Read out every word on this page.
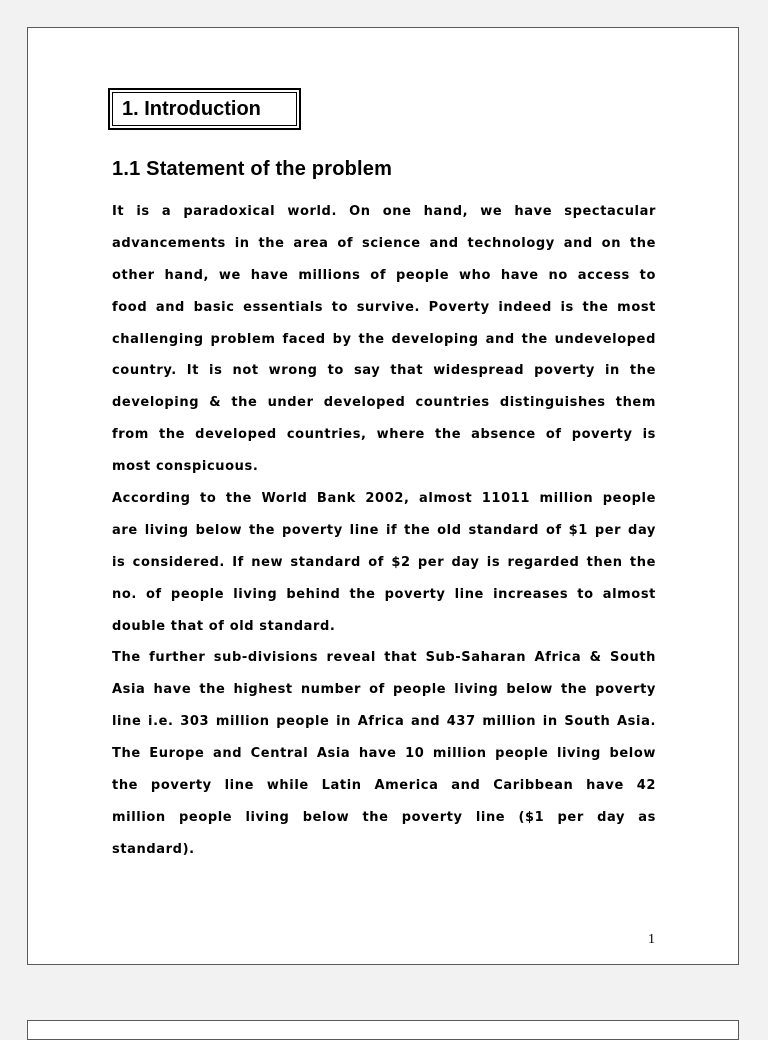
1. Introduction
1.1 Statement of the problem
It is a paradoxical world. On one hand, we have spectacular
advancements in the area of science and technology and on the
other hand, we have millions of people who have no access to
food and basic essentials to survive. Poverty indeed is the most
challenging problem faced by the developing and the undeveloped
country. It is not wrong to say that widespread poverty in the
developing & the under developed countries distinguishes them
from the developed countries, where the absence of poverty is
most conspicuous.
According to the World Bank 2002, almost 11011 million people
are living below the poverty line if the old standard of $1 per day
is considered. If new standard of $2 per day is regarded then the
no. of people living behind the poverty line increases to almost
double that of old standard.
The further sub-divisions reveal that Sub-Saharan Africa & South
Asia have the highest number of people living below the poverty
line i.e. 303 million people in Africa and 437 million in South Asia.
The Europe and Central Asia have 10 million people living below
the poverty line while Latin America and Caribbean have 42
million people living below the poverty line ($1 per day as
standard).
1
